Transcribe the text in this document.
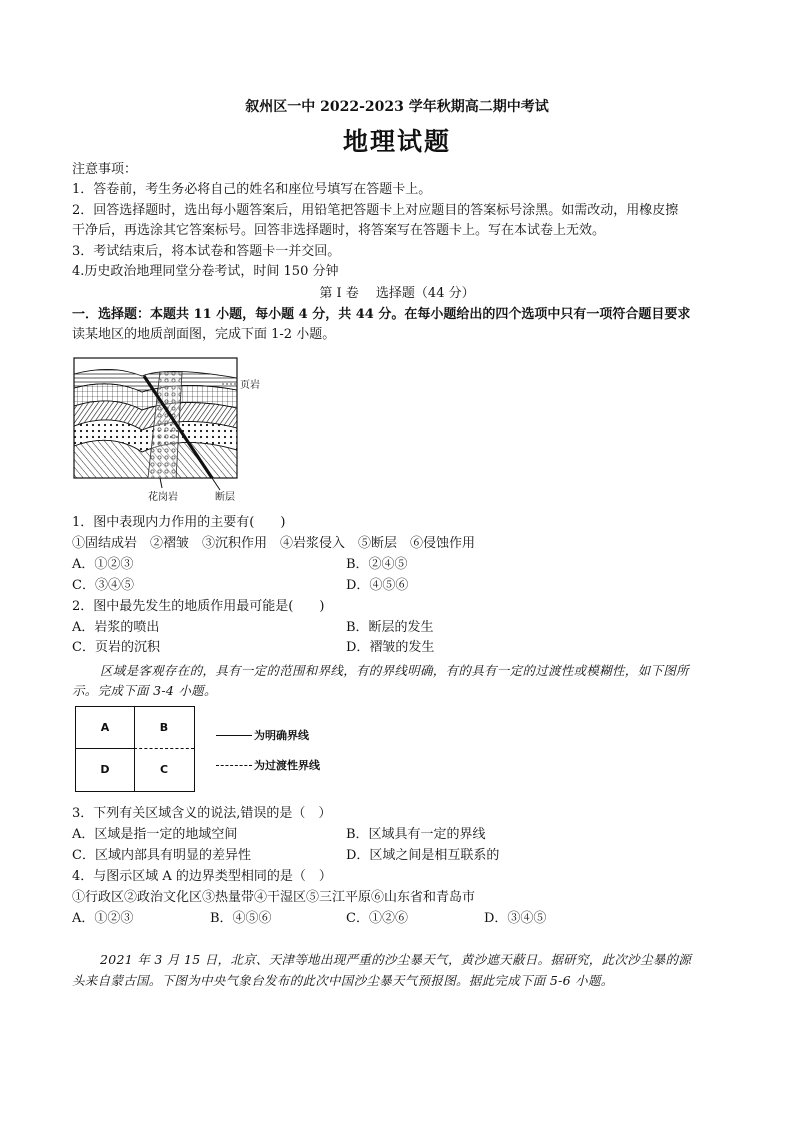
叙州区一中 2022-2023 学年秋期高二期中考试
地理试题
注意事项：
1．答卷前，考生务必将自己的姓名和座位号填写在答题卡上。
2．回答选择题时，选出每小题答案后，用铅笔把答题卡上对应题目的答案标号涂黑。如需改动，用橡皮擦
干净后，再选涂其它答案标号。回答非选择题时，将答案写在答题卡上。写在本试卷上无效。
3．考试结束后，将本试卷和答题卡一并交回。
4.历史政治地理同堂分卷考试，时间 150 分钟
第 I 卷　 选择题（44 分）
一．选择题：本题共 11 小题，每小题 4 分，共 44 分。在每小题给出的四个选项中只有一项符合题目要求
读某地区的地质剖面图，完成下面 1-2 小题。
页岩
花岗岩	断层
1．图中表现内力作用的主要有(　　)
①固结成岩　②褶皱　③沉积作用　④岩浆侵入　⑤断层　⑥侵蚀作用
A．①②③	B．②④⑤
C．③④⑤	D．④⑤⑥
2．图中最先发生的地质作用最可能是(　　)
A．岩浆的喷出	B．断层的发生
C．页岩的沉积	D．褶皱的发生
区域是客观存在的，具有一定的范围和界线，有的界线明确，有的具有一定的过渡性或模糊性，如下图所
示。完成下面 3-4 小题。
A	B
D	C
为明确界线
为过渡性界线
3．下列有关区域含义的说法,错误的是（　）
A．区域是指一定的地域空间	B．区域具有一定的界线
C．区域内部具有明显的差异性	D．区域之间是相互联系的
4．与图示区域 A 的边界类型相同的是（　）
①行政区②政治文化区③热量带④干湿区⑤三江平原⑥山东省和青岛市
A．①②③	B．④⑤⑥	C．①②⑥	D．③④⑤
2021 年 3 月 15 日，北京、天津等地出现严重的沙尘暴天气，黄沙遮天蔽日。据研究，此次沙尘暴的源
头来自蒙古国。下图为中央气象台发布的此次中国沙尘暴天气预报图。据此完成下面 5-6 小题。
